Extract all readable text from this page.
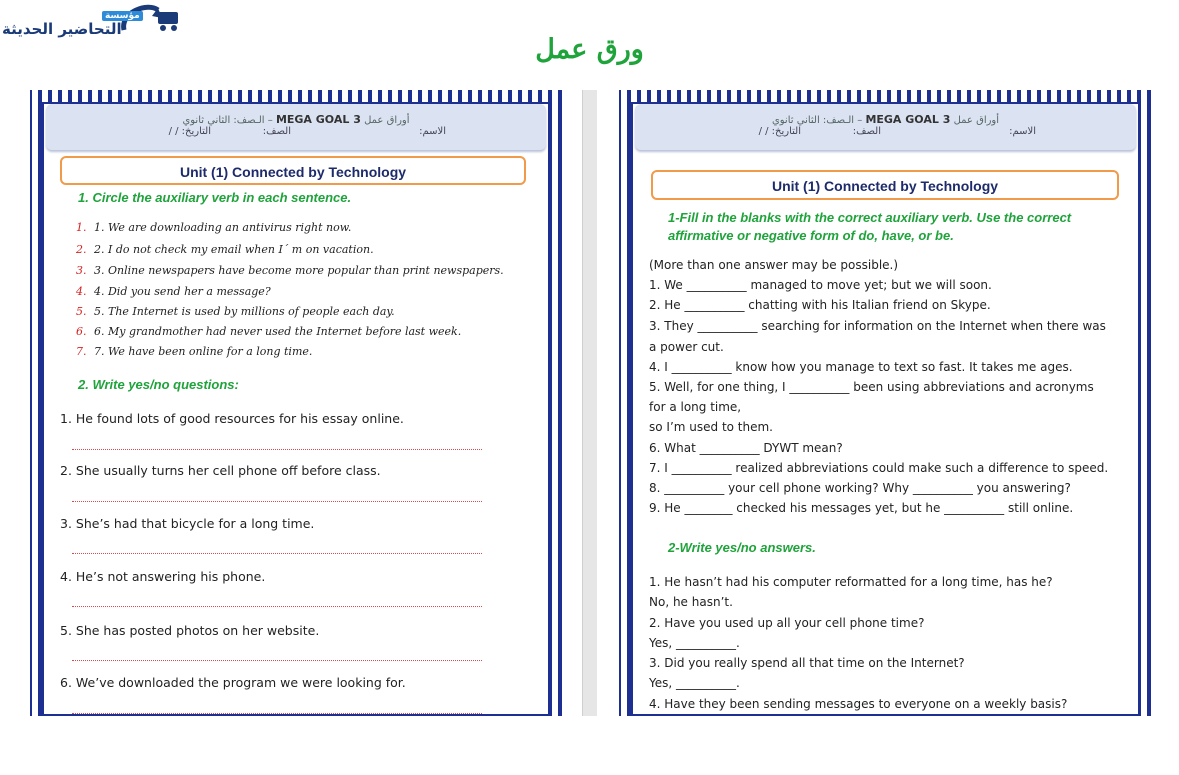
مؤسسة
التحاضير الحديثة
ورق عمل
أوراق عمل MEGA GOAL 3 – الـصف: الثاني ثانوي
الاسم:
الصف:
التاريخ: / /
Unit (1) Connected by Technology
1. Circle the auxiliary verb in each sentence.
1. 1. We are downloading an antivirus right now.
2. 2. I do not check my email when I´ m on vacation.
3. 3. Online newspapers have become more popular than print newspapers.
4. 4. Did you send her a message?
5. 5. The Internet is used by millions of people each day.
6. 6. My grandmother had never used the Internet before last week.
7. 7. We have been online for a long time.
2. Write yes/no questions:
1. He found lots of good resources for his essay online.
2. She usually turns her cell phone off before class.
3. She’s had that bicycle for a long time.
4. He’s not answering his phone.
5. She has posted photos on her website.
6. We’ve downloaded the program we were looking for.
أوراق عمل MEGA GOAL 3 – الـصف: الثاني ثانوي
الاسم:
الصف:
التاريخ: / /
Unit (1) Connected by Technology
1-Fill in the blanks with the correct auxiliary verb. Use the correct
affirmative or negative form of do, have, or be.
(More than one answer may be possible.)
1. We __________ managed to move yet; but we will soon.
2. He __________ chatting with his Italian friend on Skype.
3. They __________ searching for information on the Internet when there was
a power cut.
4. I __________ know how you manage to text so fast. It takes me ages.
5. Well, for one thing, I __________ been using abbreviations and acronyms
for a long time,
so I’m used to them.
6. What __________ DYWT mean?
7. I __________ realized abbreviations could make such a difference to speed.
8. __________ your cell phone working? Why __________ you answering?
9. He ________ checked his messages yet, but he __________ still online.
2-Write yes/no answers.
1. He hasn’t had his computer reformatted for a long time, has he?
No, he hasn’t.
2. Have you used up all your cell phone time?
Yes, __________.
3. Did you really spend all that time on the Internet?
Yes, __________.
4. Have they been sending messages to everyone on a weekly basis?
